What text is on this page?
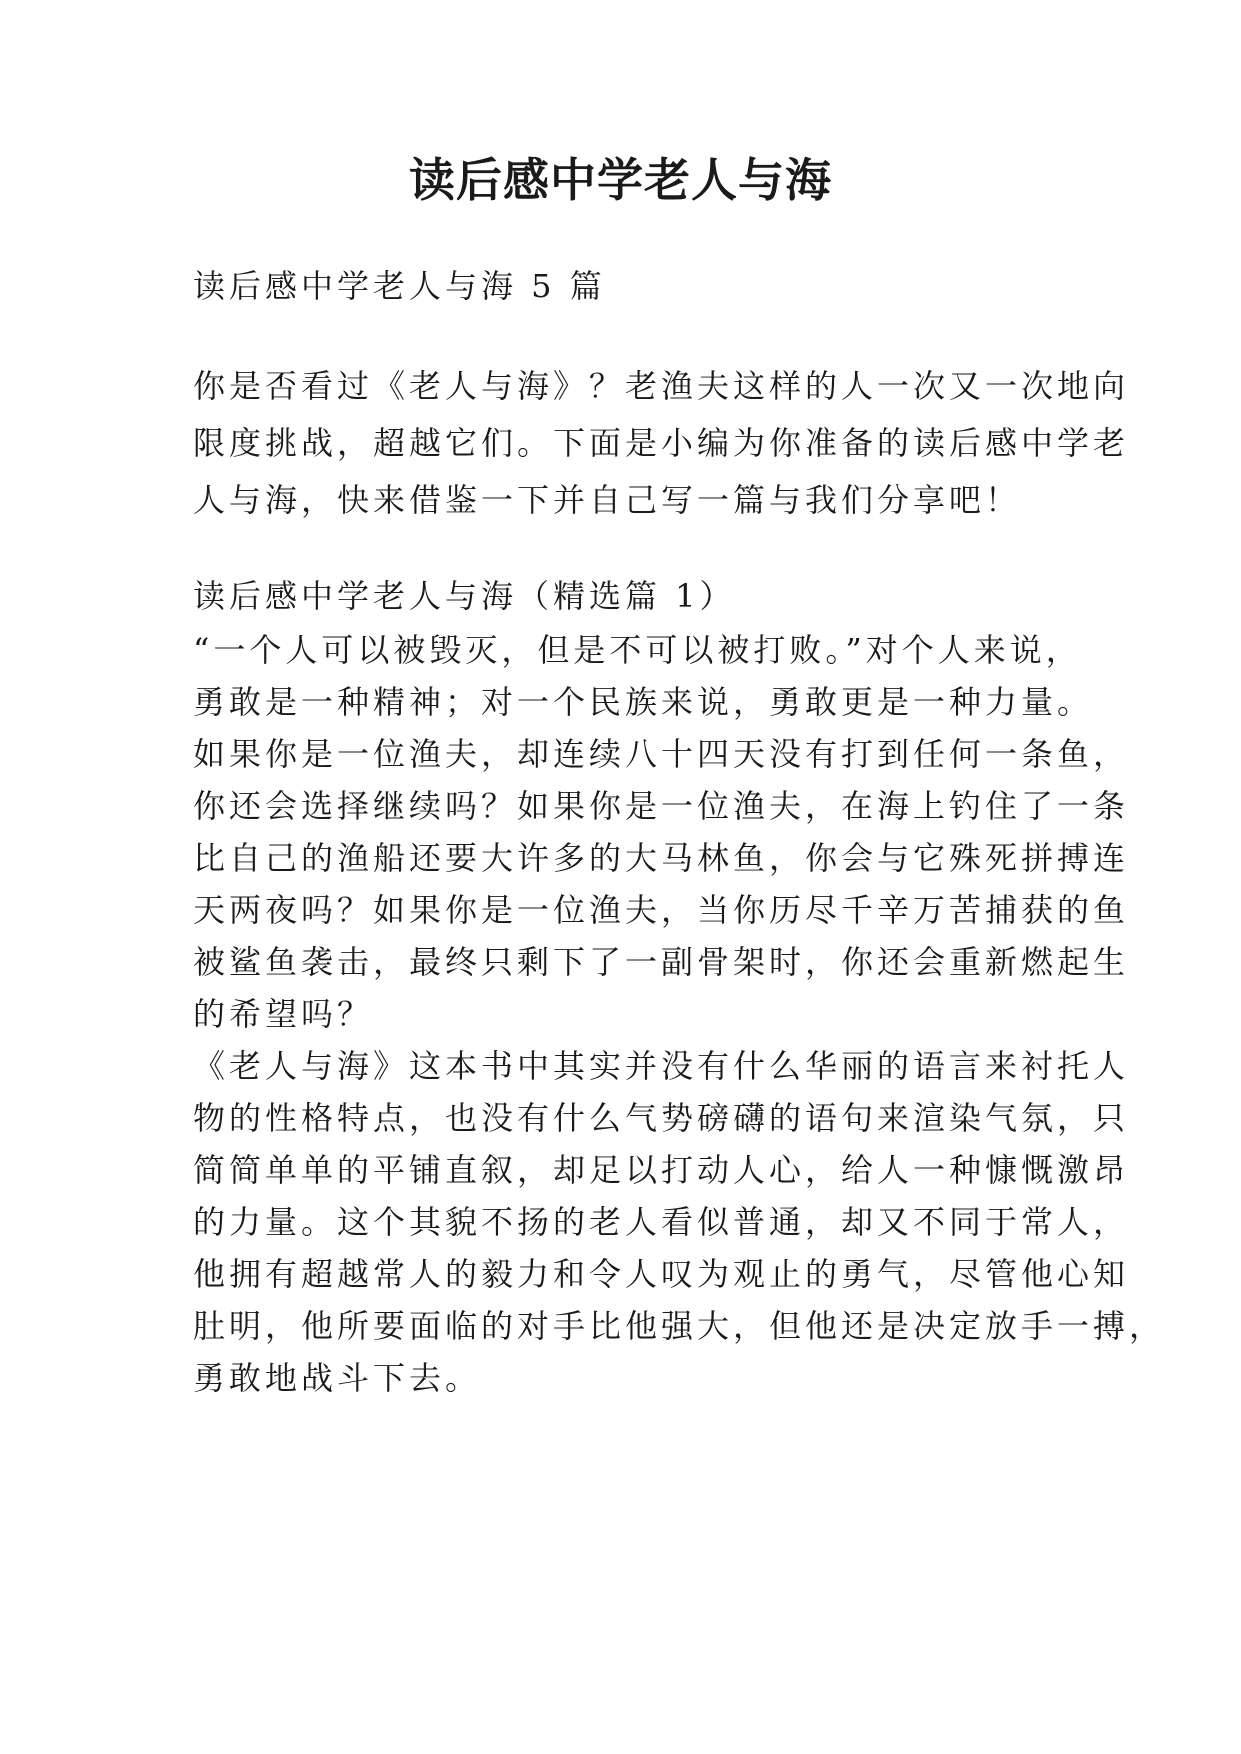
读后感中学老人与海

读后感中学老人与海 5 篇

你是否看过《老人与海》？老渔夫这样的人一次又一次地向

限度挑战，超越它们。下面是小编为你准备的读后感中学老

人与海，快来借鉴一下并自己写一篇与我们分享吧！

读后感中学老人与海（精选篇 1）

“一个人可以被毁灭，但是不可以被打败。”对个人来说，

勇敢是一种精神；对一个民族来说，勇敢更是一种力量。

如果你是一位渔夫，却连续八十四天没有打到任何一条鱼，

你还会选择继续吗？如果你是一位渔夫，在海上钓住了一条

比自己的渔船还要大许多的大马林鱼，你会与它殊死拼搏连

天两夜吗？如果你是一位渔夫，当你历尽千辛万苦捕获的鱼

被鲨鱼袭击，最终只剩下了一副骨架时，你还会重新燃起生

的希望吗？

《老人与海》这本书中其实并没有什么华丽的语言来衬托人

物的性格特点，也没有什么气势磅礴的语句来渲染气氛，只

简简单单的平铺直叙，却足以打动人心，给人一种慷慨激昂

的力量。这个其貌不扬的老人看似普通，却又不同于常人，

他拥有超越常人的毅力和令人叹为观止的勇气，尽管他心知

肚明，他所要面临的对手比他强大，但他还是决定放手一搏，

勇敢地战斗下去。
